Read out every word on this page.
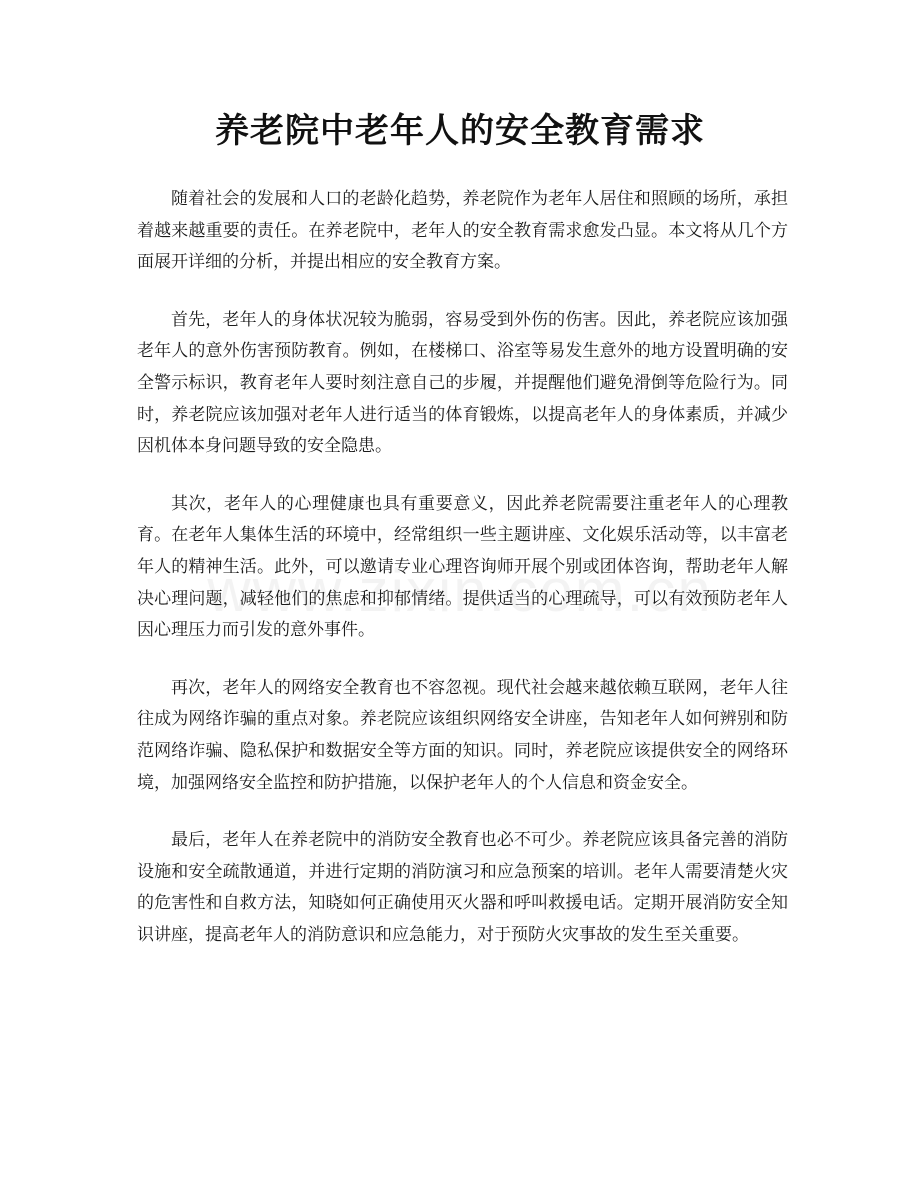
养老院中老年人的安全教育需求

随着社会的发展和人口的老龄化趋势，养老院作为老年人居住和照顾的场所，承担着越来越重要的责任。在养老院中，老年人的安全教育需求愈发凸显。本文将从几个方面展开详细的分析，并提出相应的安全教育方案。

首先，老年人的身体状况较为脆弱，容易受到外伤的伤害。因此，养老院应该加强老年人的意外伤害预防教育。例如，在楼梯口、浴室等易发生意外的地方设置明确的安全警示标识，教育老年人要时刻注意自己的步履，并提醒他们避免滑倒等危险行为。同时，养老院应该加强对老年人进行适当的体育锻炼，以提高老年人的身体素质，并减少因机体本身问题导致的安全隐患。

其次，老年人的心理健康也具有重要意义，因此养老院需要注重老年人的心理教育。在老年人集体生活的环境中，经常组织一些主题讲座、文化娱乐活动等，以丰富老年人的精神生活。此外，可以邀请专业心理咨询师开展个别或团体咨询，帮助老年人解决心理问题，减轻他们的焦虑和抑郁情绪。提供适当的心理疏导，可以有效预防老年人因心理压力而引发的意外事件。

再次，老年人的网络安全教育也不容忽视。现代社会越来越依赖互联网，老年人往往成为网络诈骗的重点对象。养老院应该组织网络安全讲座，告知老年人如何辨别和防范网络诈骗、隐私保护和数据安全等方面的知识。同时，养老院应该提供安全的网络环境，加强网络安全监控和防护措施，以保护老年人的个人信息和资金安全。

最后，老年人在养老院中的消防安全教育也必不可少。养老院应该具备完善的消防设施和安全疏散通道，并进行定期的消防演习和应急预案的培训。老年人需要清楚火灾的危害性和自救方法，知晓如何正确使用灭火器和呼叫救援电话。定期开展消防安全知识讲座，提高老年人的消防意识和应急能力，对于预防火灾事故的发生至关重要。
